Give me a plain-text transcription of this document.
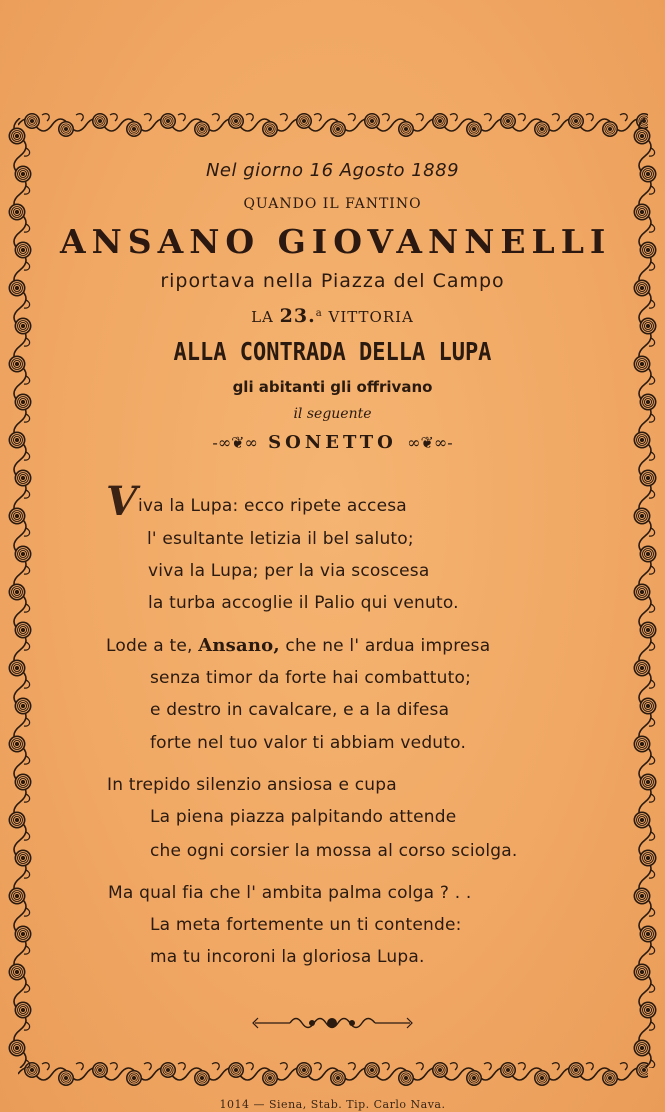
Nel giorno 16 Agosto 1889
QUANDO IL FANTINO
ANSANO GIOVANNELLI
riportava nella Piazza del Campo
LA 23.$^a$ VITTORIA
ALLA CONTRADA DELLA LUPA
gli abitanti gli offrivano
il seguente
-∞❦∞ SONETTO ∞❦∞-
V iva la Lupa: ecco ripete accesa
l' esultante letizia il bel saluto;
viva la Lupa; per la via scoscesa
la turba accoglie il Palio qui venuto.
Lode a te, Ansano, che ne l' ardua impresa
senza timor da forte hai combattuto;
e destro in cavalcare, e a la difesa
forte nel tuo valor ti abbiam veduto.
In trepido silenzio ansiosa e cupa
La piena piazza palpitando attende
che ogni corsier la mossa al corso sciolga.
Ma qual fia che l' ambita palma colga ? . .
La meta fortemente un ti contende:
ma tu incoroni la gloriosa Lupa.
1014 — Siena, Stab. Tip. Carlo Nava.
